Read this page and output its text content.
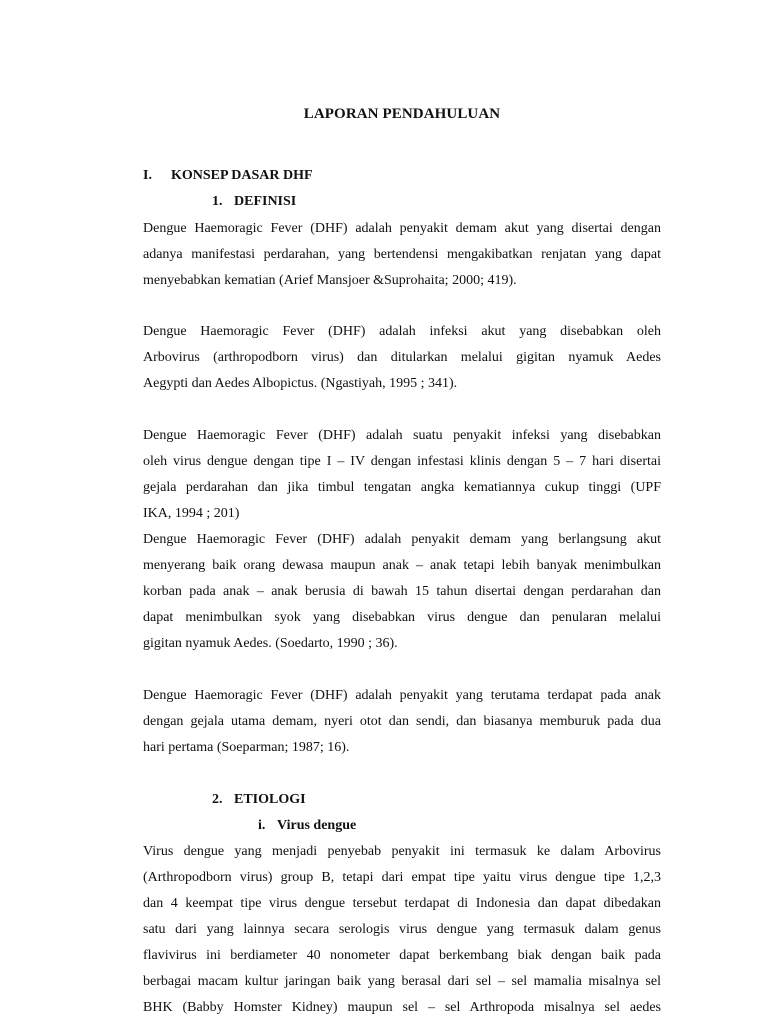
LAPORAN PENDAHULUAN
I. KONSEP DASAR DHF
1. DEFINISI
Dengue Haemoragic Fever (DHF) adalah penyakit demam akut yang disertai dengan
adanya manifestasi perdarahan, yang bertendensi mengakibatkan renjatan yang dapat
menyebabkan kematian (Arief Mansjoer &Suprohaita; 2000; 419).
Dengue Haemoragic Fever (DHF) adalah infeksi akut yang disebabkan oleh
Arbovirus (arthropodborn virus) dan ditularkan melalui gigitan nyamuk Aedes
Aegypti dan Aedes Albopictus. (Ngastiyah, 1995 ; 341).
Dengue Haemoragic Fever (DHF) adalah suatu penyakit infeksi yang disebabkan
oleh virus dengue dengan tipe I – IV dengan infestasi klinis dengan 5 – 7 hari disertai
gejala perdarahan dan jika timbul tengatan angka kematiannya cukup tinggi (UPF
IKA, 1994 ; 201)
Dengue Haemoragic Fever (DHF) adalah penyakit demam yang berlangsung akut
menyerang baik orang dewasa maupun anak – anak tetapi lebih banyak menimbulkan
korban pada anak – anak berusia di bawah 15 tahun disertai dengan perdarahan dan
dapat menimbulkan syok yang disebabkan virus dengue dan penularan melalui
gigitan nyamuk Aedes. (Soedarto, 1990 ; 36).
Dengue Haemoragic Fever (DHF) adalah penyakit yang terutama terdapat pada anak
dengan gejala utama demam, nyeri otot dan sendi, dan biasanya memburuk pada dua
hari pertama (Soeparman; 1987; 16).
2. ETIOLOGI
i. Virus dengue
Virus dengue yang menjadi penyebab penyakit ini termasuk ke dalam Arbovirus
(Arthropodborn virus) group B, tetapi dari empat tipe yaitu virus dengue tipe 1,2,3
dan 4 keempat tipe virus dengue tersebut terdapat di Indonesia dan dapat dibedakan
satu dari yang lainnya secara serologis virus dengue yang termasuk dalam genus
flavivirus ini berdiameter 40 nonometer dapat berkembang biak dengan baik pada
berbagai macam kultur jaringan baik yang berasal dari sel – sel mamalia misalnya sel
BHK (Babby Homster Kidney) maupun sel – sel Arthropoda misalnya sel aedes
